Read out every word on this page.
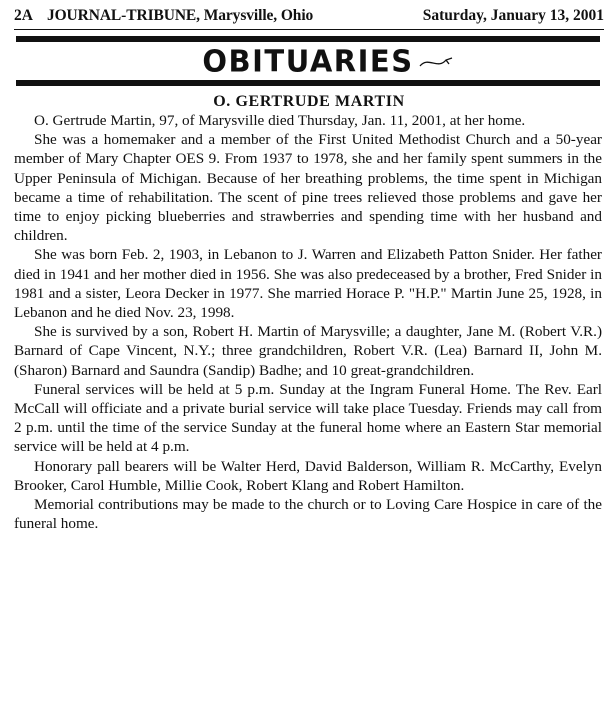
2A JOURNAL-TRIBUNE, Marysville, Ohio	Saturday, January 13, 2001
OBITUARIES
O. GERTRUDE MARTIN

O. Gertrude Martin, 97, of Marysville died Thursday, Jan. 11, 2001, at her home.

She was a homemaker and a member of the First United Methodist Church and a 50-year member of Mary Chapter OES 9. From 1937 to 1978, she and her family spent summers in the Upper Peninsula of Michigan. Because of her breathing problems, the time spent in Michigan became a time of rehabilitation. The scent of pine trees relieved those problems and gave her time to enjoy picking blueberries and strawberries and spending time with her husband and children.

She was born Feb. 2, 1903, in Lebanon to J. Warren and Elizabeth Patton Snider. Her father died in 1941 and her mother died in 1956. She was also predeceased by a brother, Fred Snider in 1981 and a sister, Leora Decker in 1977. She married Horace P. "H.P." Martin June 25, 1928, in Lebanon and he died Nov. 23, 1998.

She is survived by a son, Robert H. Martin of Marysville; a daughter, Jane M. (Robert V.R.) Barnard of Cape Vincent, N.Y.; three grandchildren, Robert V.R. (Lea) Barnard II, John M. (Sharon) Barnard and Saundra (Sandip) Badhe; and 10 great-grandchildren.

Funeral services will be held at 5 p.m. Sunday at the Ingram Funeral Home. The Rev. Earl McCall will officiate and a private burial service will take place Tuesday. Friends may call from 2 p.m. until the time of the service Sunday at the funeral home where an Eastern Star memorial service will be held at 4 p.m.

Honorary pall bearers will be Walter Herd, David Balderson, William R. McCarthy, Evelyn Brooker, Carol Humble, Millie Cook, Robert Klang and Robert Hamilton.

Memorial contributions may be made to the church or to Loving Care Hospice in care of the funeral home.
